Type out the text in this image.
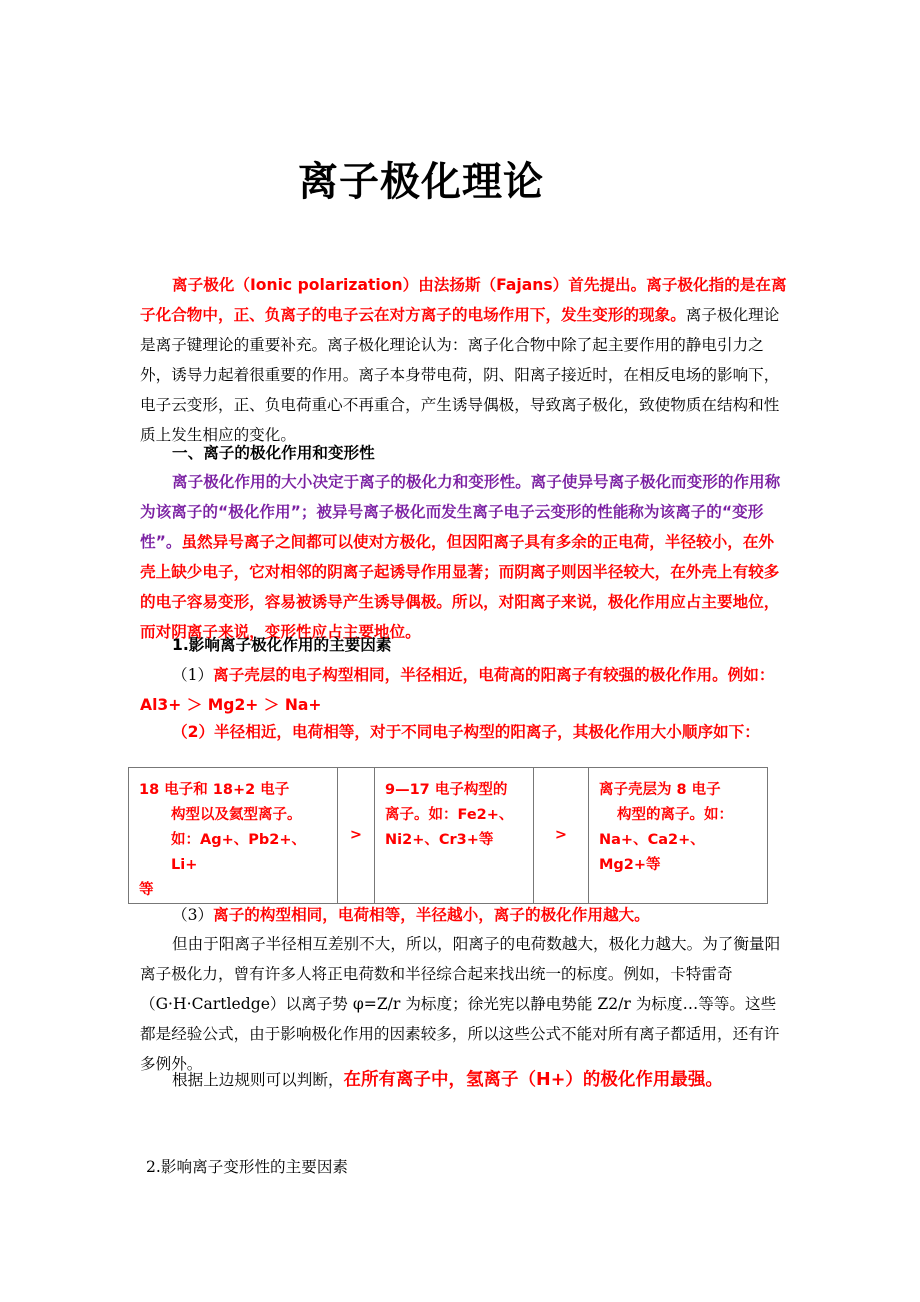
离子极化理论

离子极化（Ionic polarization）由法扬斯（Fajans）首先提出。离子极化指的是在离子化合物中，正、负离子的电子云在对方离子的电场作用下，发生变形的现象。离子极化理论是离子键理论的重要补充。离子极化理论认为：离子化合物中除了起主要作用的静电引力之外，诱导力起着很重要的作用。离子本身带电荷，阴、阳离子接近时，在相反电场的影响下，电子云变形，正、负电荷重心不再重合，产生诱导偶极，导致离子极化，致使物质在结构和性质上发生相应的变化。

一、离子的极化作用和变形性

离子极化作用的大小决定于离子的极化力和变形性。离子使异号离子极化而变形的作用称为该离子的“极化作用”；被异号离子极化而发生离子电子云变形的性能称为该离子的“变形性”。虽然异号离子之间都可以使对方极化，但因阳离子具有多余的正电荷，半径较小，在外壳上缺少电子，它对相邻的阴离子起诱导作用显著；而阴离子则因半径较大，在外壳上有较多的电子容易变形，容易被诱导产生诱导偶极。所以，对阳离子来说，极化作用应占主要地位，而对阴离子来说，变形性应占主要地位。

1.影响离子极化作用的主要因素

（1）离子壳层的电子构型相同，半径相近，电荷高的阳离子有较强的极化作用。例如：Al3+ ＞ Mg2+ ＞ Na+

（2）半径相近，电荷相等，对于不同电子构型的阳离子，其极化作用大小顺序如下：

18 电子和 18+2 电子
构型以及氦型离子。
如：Ag+、Pb2+、Li+
等
	>	
9—17 电子构型的
离子。如：Fe2+、
Ni2+、Cr3+等	>	
离子壳层为 8 电子
构型的离子。如：
Na+、Ca2+、Mg2+等

（3）离子的构型相同，电荷相等，半径越小，离子的极化作用越大。

但由于阳离子半径相互差别不大，所以，阳离子的电荷数越大，极化力越大。为了衡量阳离子极化力，曾有许多人将正电荷数和半径综合起来找出统一的标度。例如，卡特雷奇（G·H·Cartledge）以离子势 φ=Z/r 为标度；徐光宪以静电势能 Z2/r 为标度…等等。这些都是经验公式，由于影响极化作用的因素较多，所以这些公式不能对所有离子都适用，还有许多例外。

根据上边规则可以判断，在所有离子中，氢离子（H+）的极化作用最强。

2.影响离子变形性的主要因素
